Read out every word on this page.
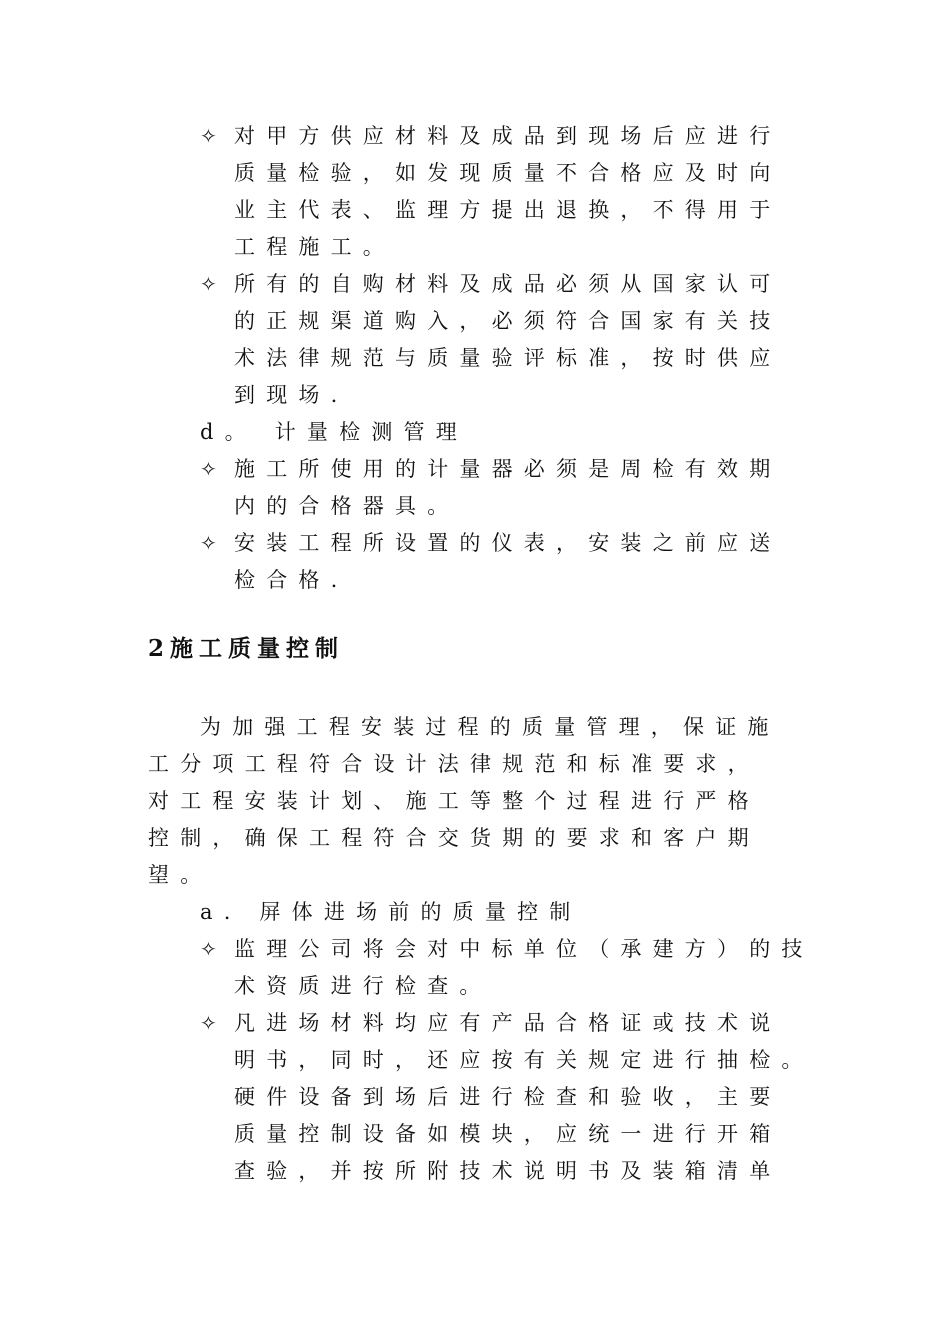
✧ 对甲方供应材料及成品到现场后应进行
质量检验，如发现质量不合格应及时向
业主代表、监理方提出退换，不得用于
工程施工。
✧ 所有的自购材料及成品必须从国家认可
的正规渠道购入，必须符合国家有关技
术法律规范与质量验评标准，按时供应
到现场.
d。 计量检测管理
✧ 施工所使用的计量器必须是周检有效期
内的合格器具。
✧ 安装工程所设置的仪表，安装之前应送
检合格.
2施工质量控制
为加强工程安装过程的质量管理，保证施
工分项工程符合设计法律规范和标准要求，
对工程安装计划、施工等整个过程进行严格
控制，确保工程符合交货期的要求和客户期
望。
a. 屏体进场前的质量控制
✧ 监理公司将会对中标单位（承建方）的技
术资质进行检查。
✧ 凡进场材料均应有产品合格证或技术说
明书，同时，还应按有关规定进行抽检。
硬件设备到场后进行检查和验收，主要
质量控制设备如模块，应统一进行开箱
查验，并按所附技术说明书及装箱清单
